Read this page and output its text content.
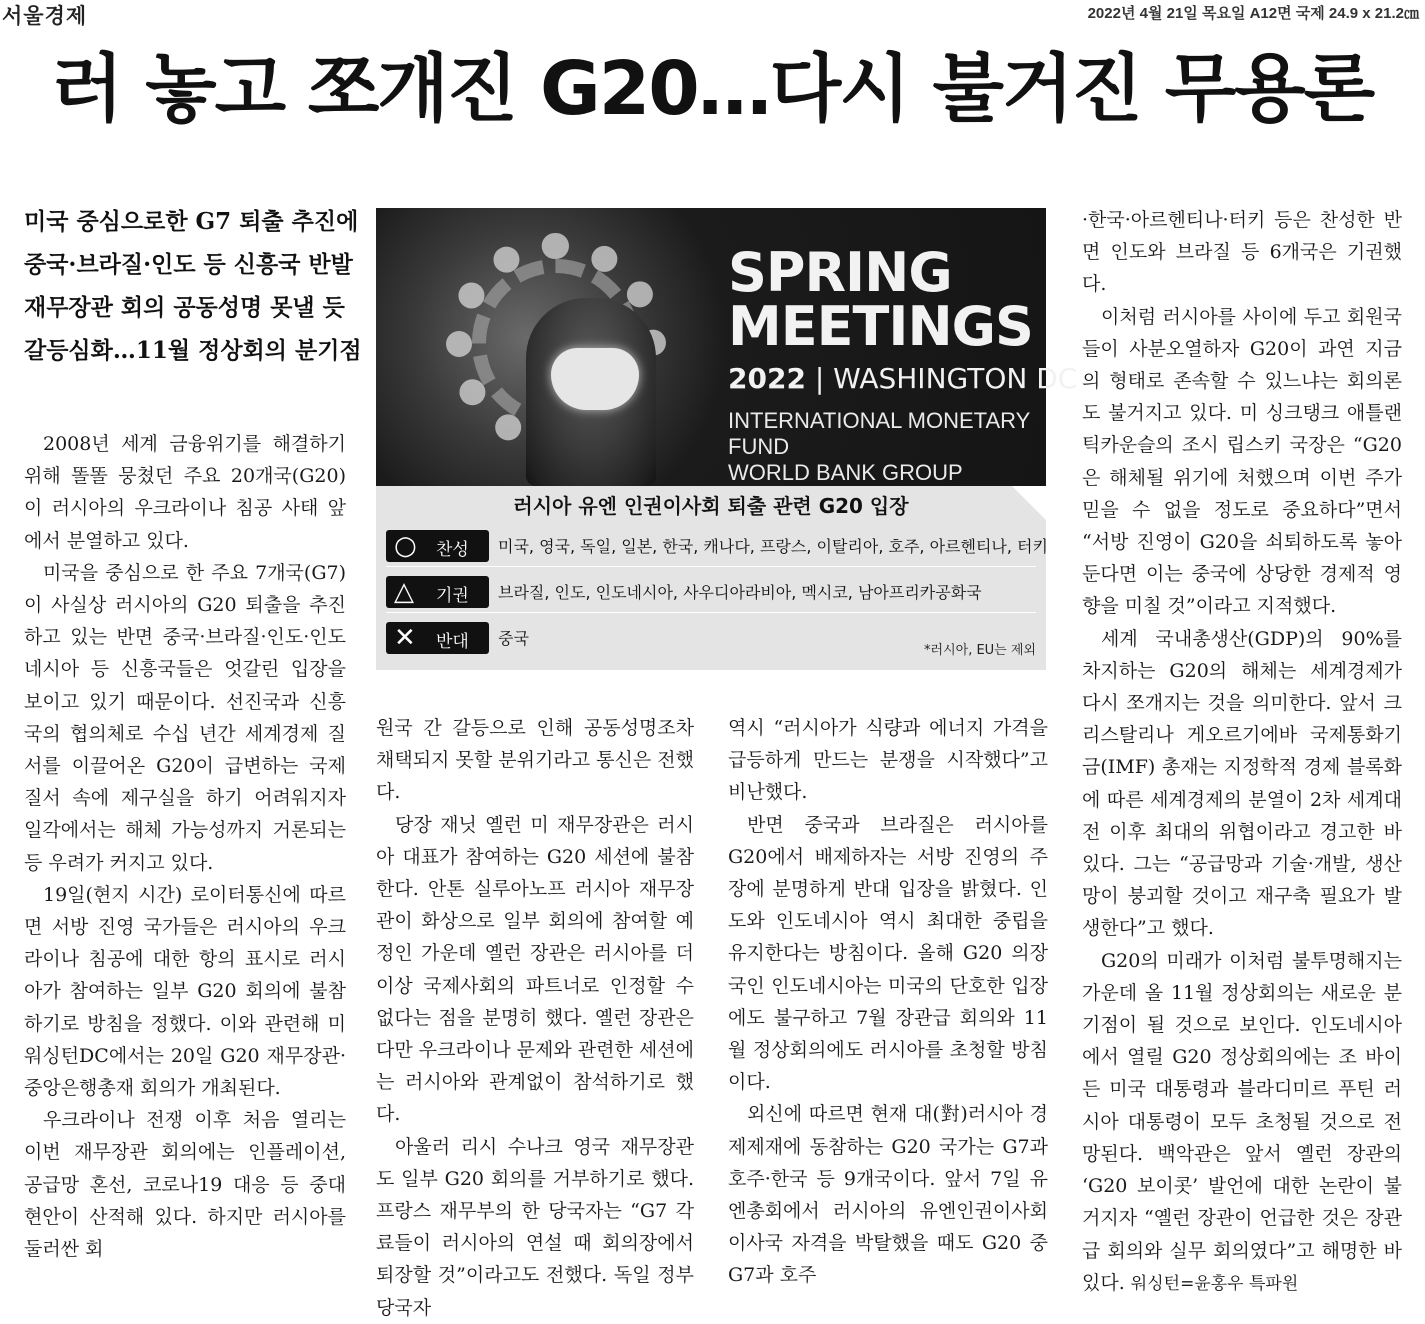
서울경제	2022년 4월 21일 목요일 A12면 국제 24.9 x 21.2㎝
러 놓고 쪼개진 G20…다시 불거진 무용론
미국 중심으로한 G7 퇴출 추진에
중국·브라질·인도 등 신흥국 반발
재무장관 회의 공동성명 못낼 듯
갈등심화…11월 정상회의 분기점

2008년 세계 금융위기를 해결하기 위해 똘똘 뭉쳤던 주요 20개국(G20)이 러시아의 우크라이나 침공 사태 앞에서 분열하고 있다.

미국을 중심으로 한 주요 7개국(G7)이 사실상 러시아의 G20 퇴출을 추진하고 있는 반면 중국·브라질·인도·인도네시아 등 신흥국들은 엇갈린 입장을 보이고 있기 때문이다. 선진국과 신흥국의 협의체로 수십 년간 세계경제 질서를 이끌어온 G20이 급변하는 국제 질서 속에 제구실을 하기 어려워지자 일각에서는 해체 가능성까지 거론되는 등 우려가 커지고 있다.

19일(현지 시간) 로이터통신에 따르면 서방 진영 국가들은 러시아의 우크라이나 침공에 대한 항의 표시로 러시아가 참여하는 일부 G20 회의에 불참하기로 방침을 정했다. 이와 관련해 미 워싱턴DC에서는 20일 G20 재무장관·중앙은행총재 회의가 개최된다.

우크라이나 전쟁 이후 처음 열리는 이번 재무장관 회의에는 인플레이션, 공급망 혼선, 코로나19 대응 등 중대 현안이 산적해 있다. 하지만 러시아를 둘러싼 회

SPRING
MEETINGS
2022 | WASHINGTON DC
INTERNATIONAL MONETARY FUND
WORLD BANK GROUP
러시아 유엔 인권이사회 퇴출 관련 G20 입장
○ 찬성 미국, 영국, 독일, 일본, 한국, 캐나다, 프랑스, 이탈리아, 호주, 아르헨티나, 터키
△ 기권 브라질, 인도, 인도네시아, 사우디아라비아, 멕시코, 남아프리카공화국
✕ 반대 중국
*러시아, EU는 제외

원국 간 갈등으로 인해 공동성명조차 채택되지 못할 분위기라고 통신은 전했다.

당장 재닛 옐런 미 재무장관은 러시아 대표가 참여하는 G20 세션에 불참한다. 안톤 실루아노프 러시아 재무장관이 화상으로 일부 회의에 참여할 예정인 가운데 옐런 장관은 러시아를 더 이상 국제사회의 파트너로 인정할 수 없다는 점을 분명히 했다. 옐런 장관은 다만 우크라이나 문제와 관련한 세션에는 러시아와 관계없이 참석하기로 했다.

아울러 리시 수나크 영국 재무장관도 일부 G20 회의를 거부하기로 했다. 프랑스 재무부의 한 당국자는 “G7 각료들이 러시아의 연설 때 회의장에서 퇴장할 것”이라고도 전했다. 독일 정부 당국자

역시 “러시아가 식량과 에너지 가격을 급등하게 만드는 분쟁을 시작했다”고 비난했다.

반면 중국과 브라질은 러시아를 G20에서 배제하자는 서방 진영의 주장에 분명하게 반대 입장을 밝혔다. 인도와 인도네시아 역시 최대한 중립을 유지한다는 방침이다. 올해 G20 의장국인 인도네시아는 미국의 단호한 입장에도 불구하고 7월 장관급 회의와 11월 정상회의에도 러시아를 초청할 방침이다.

외신에 따르면 현재 대(對)러시아 경제제재에 동참하는 G20 국가는 G7과 호주·한국 등 9개국이다. 앞서 7일 유엔총회에서 러시아의 유엔인권이사회 이사국 자격을 박탈했을 때도 G20 중 G7과 호주

·한국·아르헨티나·터키 등은 찬성한 반면 인도와 브라질 등 6개국은 기권했다.

이처럼 러시아를 사이에 두고 회원국들이 사분오열하자 G20이 과연 지금의 형태로 존속할 수 있느냐는 회의론도 불거지고 있다. 미 싱크탱크 애틀랜틱카운슬의 조시 립스키 국장은 “G20은 해체될 위기에 처했으며 이번 주가 믿을 수 없을 정도로 중요하다”면서 “서방 진영이 G20을 쇠퇴하도록 놓아둔다면 이는 중국에 상당한 경제적 영향을 미칠 것”이라고 지적했다.

세계 국내총생산(GDP)의 90%를 차지하는 G20의 해체는 세계경제가 다시 쪼개지는 것을 의미한다. 앞서 크리스탈리나 게오르기에바 국제통화기금(IMF) 총재는 지정학적 경제 블록화에 따른 세계경제의 분열이 2차 세계대전 이후 최대의 위협이라고 경고한 바 있다. 그는 “공급망과 기술·개발, 생산망이 붕괴할 것이고 재구축 필요가 발생한다”고 했다.

G20의 미래가 이처럼 불투명해지는 가운데 올 11월 정상회의는 새로운 분기점이 될 것으로 보인다. 인도네시아에서 열릴 G20 정상회의에는 조 바이든 미국 대통령과 블라디미르 푸틴 러시아 대통령이 모두 초청될 것으로 전망된다. 백악관은 앞서 옐런 장관의 ‘G20 보이콧’ 발언에 대한 논란이 불거지자 “옐런 장관이 언급한 것은 장관급 회의와 실무 회의였다”고 해명한 바 있다. 워싱턴=윤홍우 특파원
